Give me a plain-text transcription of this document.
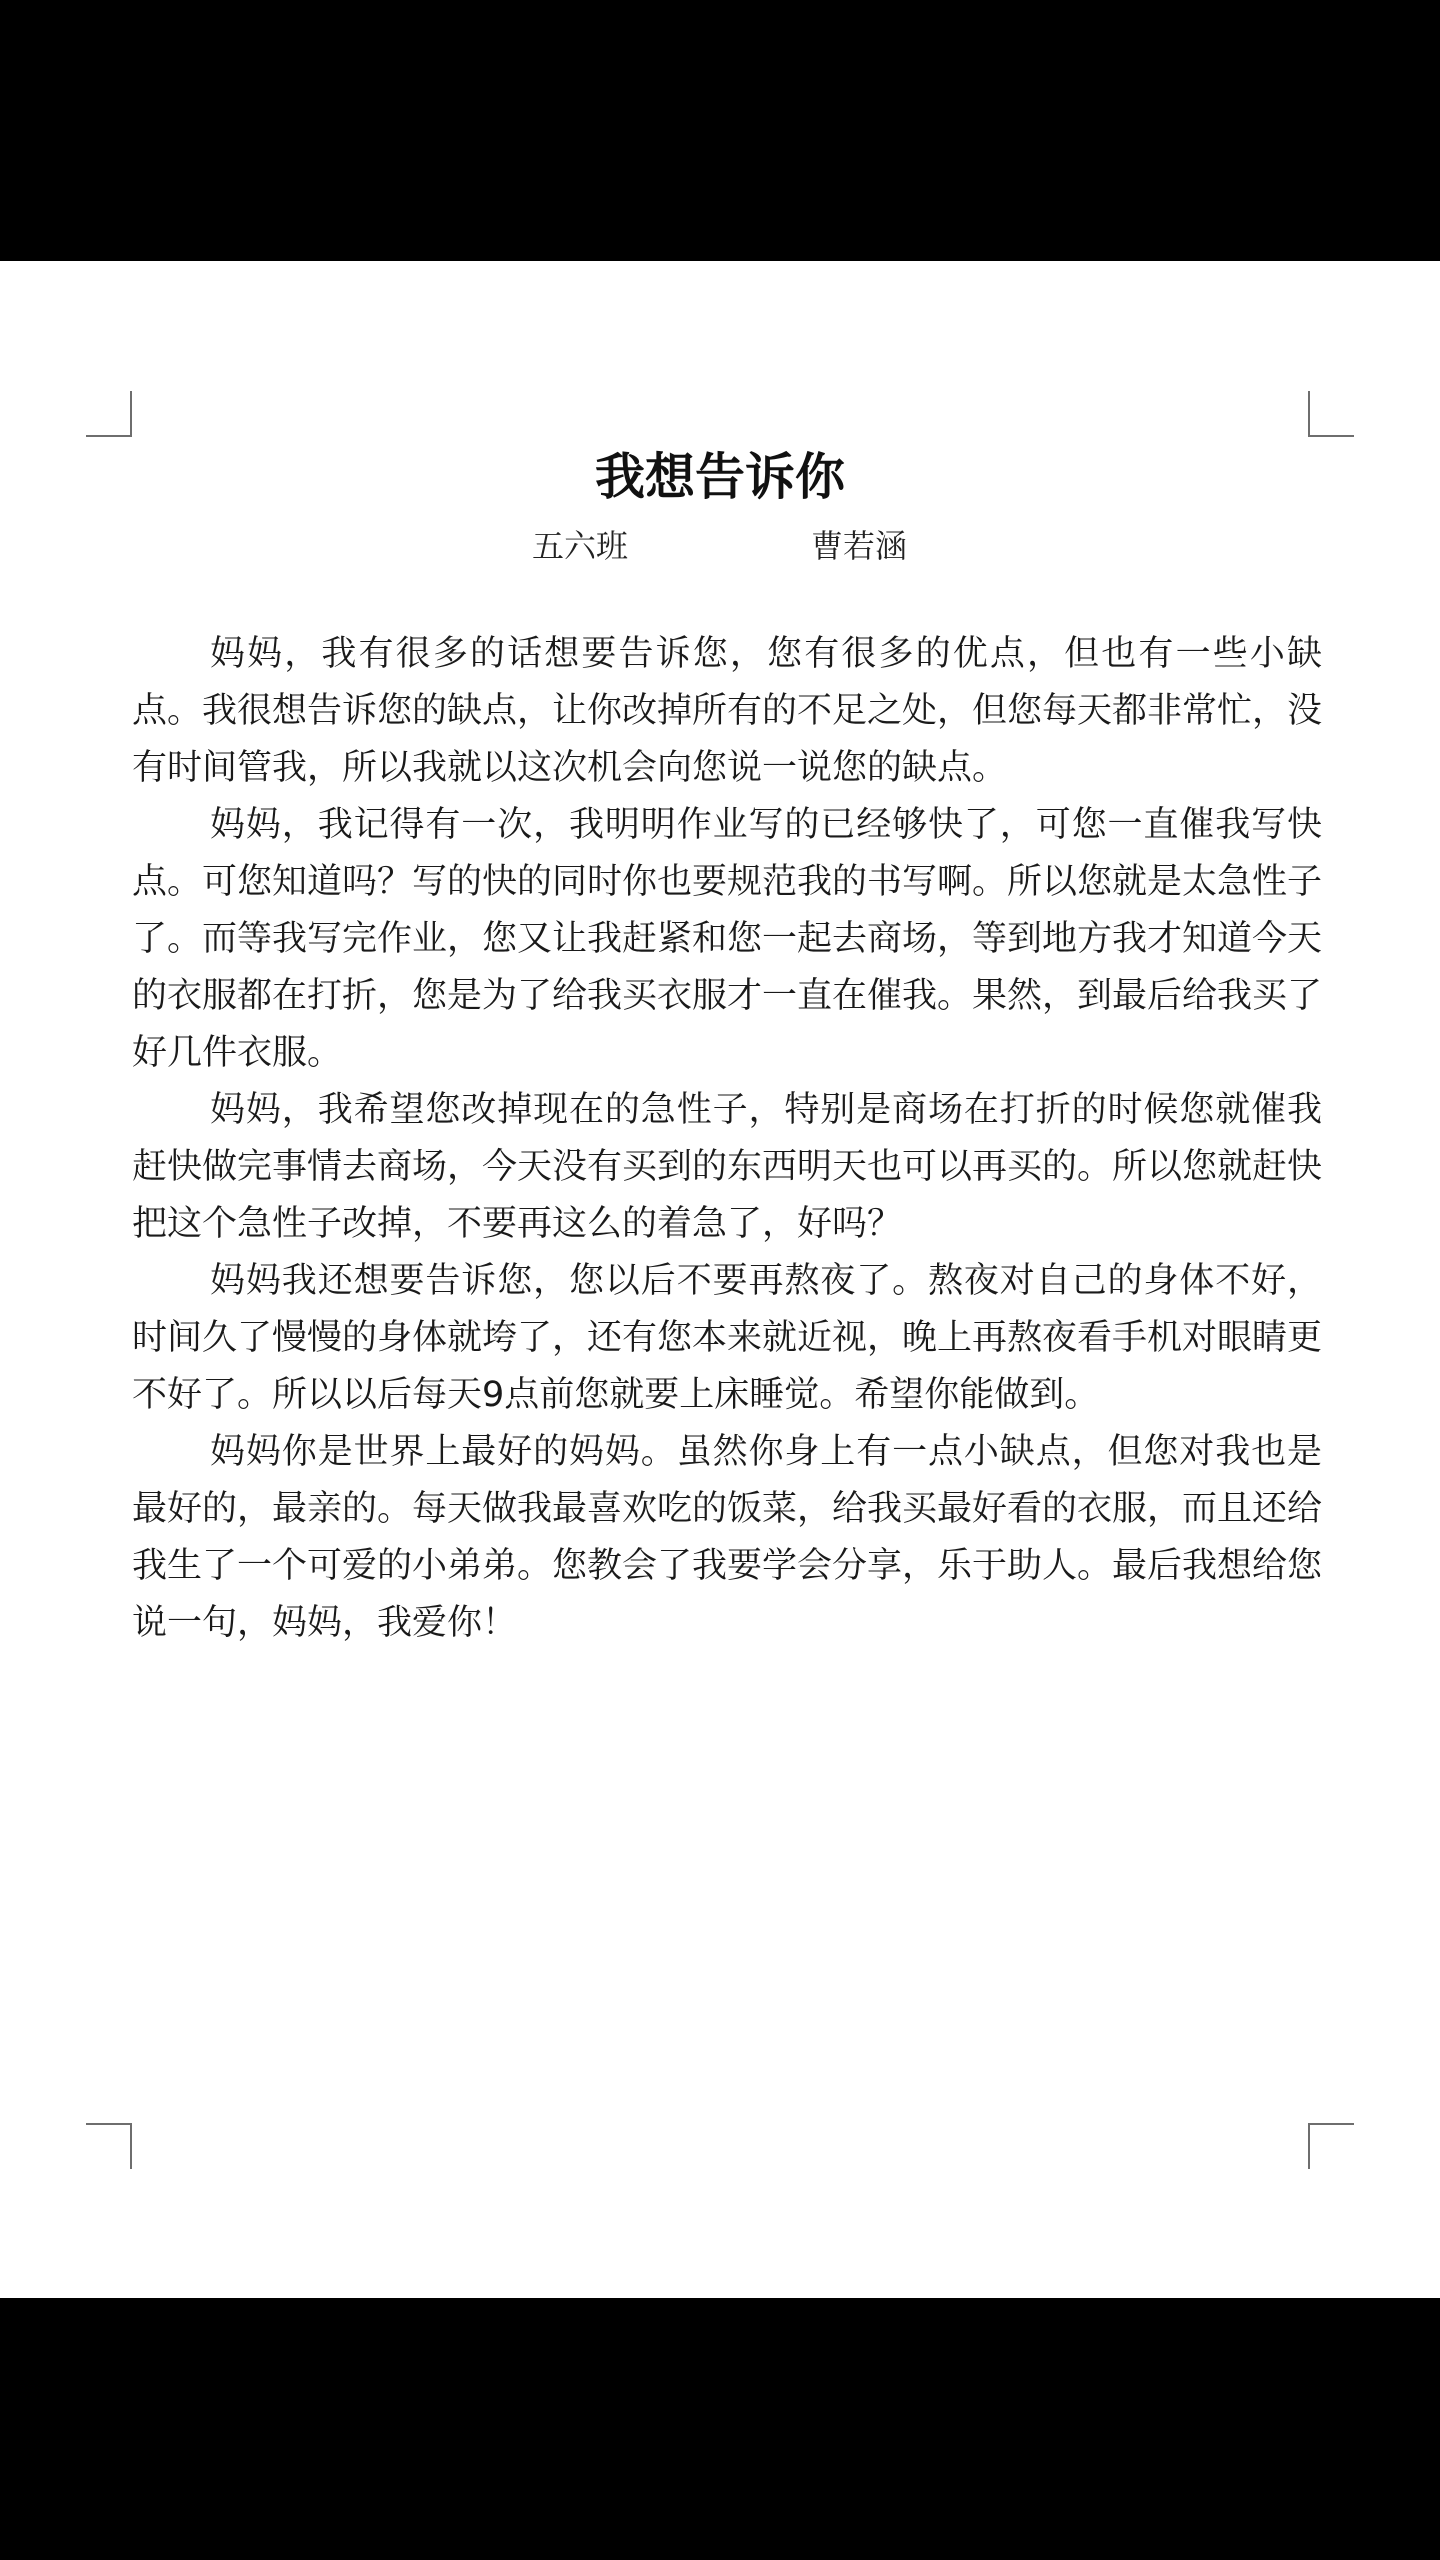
我想告诉你
五六班	曹若涵

妈妈，我有很多的话想要告诉您，您有很多的优点，但也有一些小缺点。我很想告诉您的缺点，让你改掉所有的不足之处，但您每天都非常忙，没有时间管我，所以我就以这次机会向您说一说您的缺点。

妈妈，我记得有一次，我明明作业写的已经够快了，可您一直催我写快点。可您知道吗？写的快的同时你也要规范我的书写啊。所以您就是太急性子了。而等我写完作业，您又让我赶紧和您一起去商场，等到地方我才知道今天的衣服都在打折，您是为了给我买衣服才一直在催我。果然，到最后给我买了好几件衣服。

妈妈，我希望您改掉现在的急性子，特别是商场在打折的时候您就催我赶快做完事情去商场，今天没有买到的东西明天也可以再买的。所以您就赶快把这个急性子改掉，不要再这么的着急了，好吗？

妈妈我还想要告诉您，您以后不要再熬夜了。熬夜对自己的身体不好，时间久了慢慢的身体就垮了，还有您本来就近视，晚上再熬夜看手机对眼睛更不好了。所以以后每天9点前您就要上床睡觉。希望你能做到。

妈妈你是世界上最好的妈妈。虽然你身上有一点小缺点，但您对我也是最好的，最亲的。每天做我最喜欢吃的饭菜，给我买最好看的衣服，而且还给我生了一个可爱的小弟弟。您教会了我要学会分享，乐于助人。最后我想给您说一句，妈妈，我爱你！
